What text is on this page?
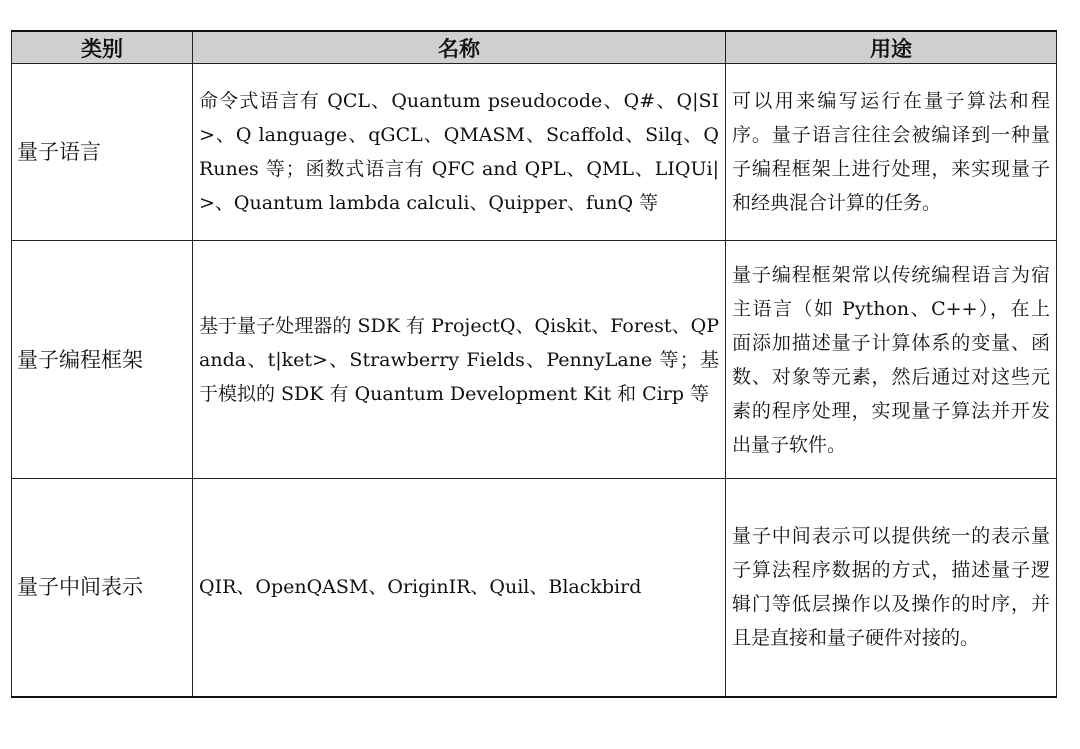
类别	名称	用途
量子语言	命令式语言有 QCL、Quantum pseudocode、Q#、Q|SI>、Q language、qGCL、QMASM、Scaffold、Silq、QRunes 等；函数式语言有 QFC and QPL、QML、LIQUi|>、Quantum lambda calculi、Quipper、funQ 等	可以用来编写运行在量子算法和程序。量子语言往往会被编译到一种量子编程框架上进行处理，来实现量子和经典混合计算的任务。
量子编程框架	基于量子处理器的 SDK 有 ProjectQ、Qiskit、Forest、QPanda、t|ket>、Strawberry Fields、PennyLane 等；基于模拟的 SDK 有 Quantum Development Kit 和 Cirp 等	量子编程框架常以传统编程语言为宿主语言（如 Python、C++），在上面添加描述量子计算体系的变量、函数、对象等元素，然后通过对这些元素的程序处理，实现量子算法并开发出量子软件。
量子中间表示	QIR、OpenQASM、OriginIR、Quil、Blackbird	量子中间表示可以提供统一的表示量子算法程序数据的方式，描述量子逻辑门等低层操作以及操作的时序，并且是直接和量子硬件对接的。
